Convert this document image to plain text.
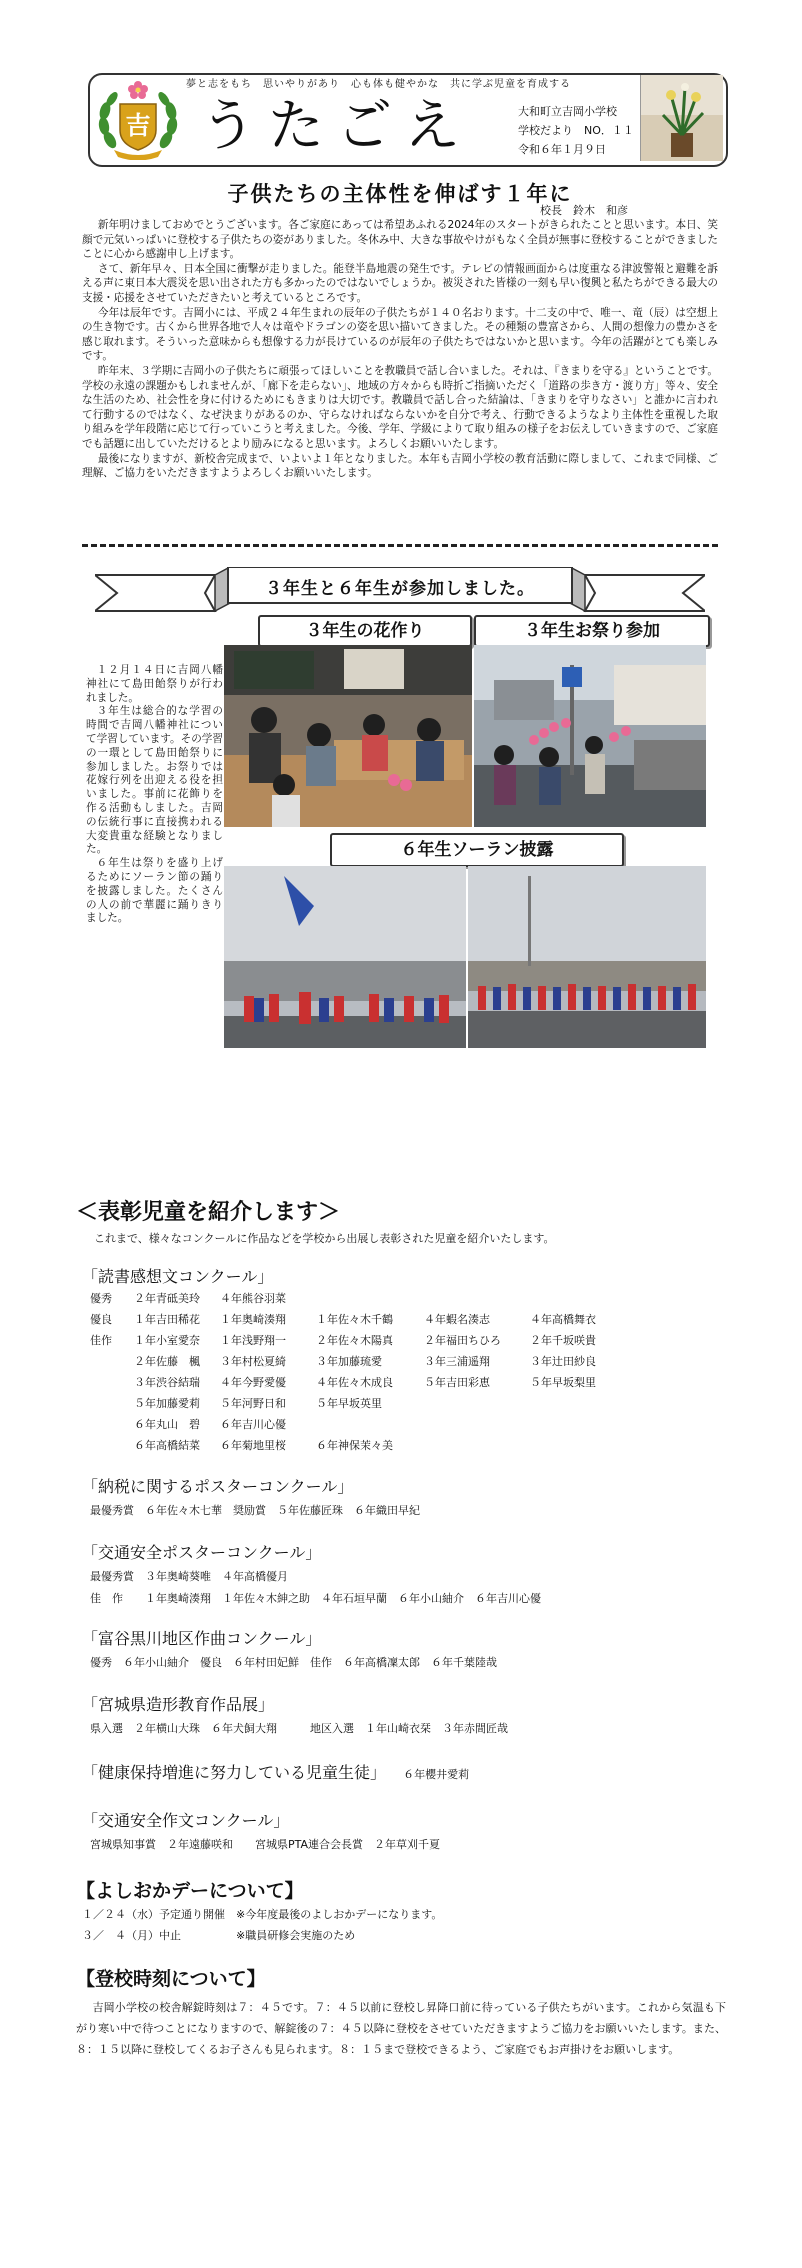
吉
夢と志をもち　思いやりがあり　心も体も健やかな　共に学ぶ児童を育成する
うたごえ	大和町立吉岡小学校
学校だより　NO．１１
令和６年１月９日
子供たちの主体性を伸ばす１年に
校長　鈴木　和彦

新年明けましておめでとうございます。各ご家庭にあっては希望あふれる2024年のスタートがきられたことと思います。本日、笑顔で元気いっぱいに登校する子供たちの姿がありました。冬休み中、大きな事故やけがもなく全員が無事に登校することができましたことに心から感謝申し上げます。

さて、新年早々、日本全国に衝撃が走りました。能登半島地震の発生です。テレビの情報画面からは度重なる津波警報と避難を訴える声に東日本大震災を思い出された方も多かったのではないでしょうか。被災された皆様の一刻も早い復興と私たちができる最大の支援・応援をさせていただきたいと考えているところです。

今年は辰年です。吉岡小には、平成２４年生まれの辰年の子供たちが１４０名おります。十二支の中で、唯一、竜（辰）は空想上の生き物です。古くから世界各地で人々は竜やドラゴンの姿を思い描いてきました。その種類の豊富さから、人間の想像力の豊かさを感じ取れます。そういった意味からも想像する力が長けているのが辰年の子供たちではないかと思います。今年の活躍がとても楽しみです。

昨年末、３学期に吉岡小の子供たちに頑張ってほしいことを教職員で話し合いました。それは、『きまりを守る』ということです。学校の永遠の課題かもしれませんが、「廊下を走らない」、地域の方々からも時折ご指摘いただく「道路の歩き方・渡り方」等々、安全な生活のため、社会性を身に付けるためにもきまりは大切です。教職員で話し合った結論は、「きまりを守りなさい」と誰かに言われて行動するのではなく、なぜ決まりがあるのか、守らなければならないかを自分で考え、行動できるようなより主体性を重視した取り組みを学年段階に応じて行っていこうと考えました。今後、学年、学級によりて取り組みの様子をお伝えしていきますので、ご家庭でも話題に出していただけるとより励みになると思います。よろしくお願いいたします。

最後になりますが、新校舎完成まで、いよいよ１年となりました。本年も吉岡小学校の教育活動に際しまして、これまで同様、ご理解、ご協力をいただきますようよろしくお願いいたします。

３年生と６年生が参加しました。
３年生の花作り	３年生お祭り参加

１２月１４日に吉岡八幡神社にて島田飴祭りが行われました。

３年生は総合的な学習の時間で吉岡八幡神社について学習しています。その学習の一環として島田飴祭りに参加しました。お祭りでは花嫁行列を出迎える役を担いました。事前に花飾りを作る活動もしました。吉岡の伝統行事に直接携われる大変貴重な経験となりました。

６年生は祭りを盛り上げるためにソーラン節の踊りを披露しました。たくさんの人の前で華麗に踊りきりました。

６年生ソーラン披露
＜表彰児童を紹介します＞
これまで、様々なコンクールに作品などを学校から出展し表彰された児童を紹介いたします。
「読書感想文コンクール」
優秀 ２年青砥美玲 ４年熊谷羽菜
優良 １年吉田稀花 １年奥崎湊翔	１年佐々木千鶴	４年蝦名湊志	４年高橋舞衣
佳作 １年小室愛奈 １年浅野翔一	２年佐々木陽真	２年福田ちひろ	２年千坂咲貴
２年佐藤　楓 ３年村松夏綺	３年加藤琉愛	３年三浦遥翔	３年辻田紗良
３年渋谷結瑞 ４年今野愛優	４年佐々木成良	５年吉田彩恵	５年早坂梨里
５年加藤愛莉 ５年河野日和	５年早坂英里
６年丸山　碧 ６年吉川心優
６年高橋結菜 ６年菊地里桜	６年神保茉々美
「納税に関するポスターコンクール」
最優秀賞　６年佐々木七華　奨励賞　５年佐藤匠珠　６年織田早紀
「交通安全ポスターコンクール」
最優秀賞　３年奥崎葵唯　４年高橋優月
佳　作　　１年奥崎湊翔　１年佐々木紳之助　４年石垣早蘭　６年小山紬介　６年吉川心優
「富谷黒川地区作曲コンクール」
優秀　６年小山紬介　優良　６年村田妃鮮　佳作　６年高橋凜太郎　６年千葉陸哉
「宮城県造形教育作品展」
県入選　２年横山大珠　６年犬飼大翔　　　地区入選　１年山崎衣栞　３年赤間匠哉
「健康保持増進に努力している児童生徒」 ６年櫻井愛莉
「交通安全作文コンクール」
宮城県知事賞　２年遠藤咲和　　宮城県PTA連合会長賞　２年草刈千夏
【よしおかデーについて】
１／２４（水）予定通り開催　※今年度最後のよしおかデーになります。
３／　４（月）中止　　　　　※職員研修会実施のため
【登校時刻について】

吉岡小学校の校舎解錠時刻は７：４５です。７：４５以前に登校し昇降口前に待っている子供たちがいます。これから気温も下がり寒い中で待つことになりますので、解錠後の７：４５以降に登校をさせていただきますようご協力をお願いいたします。また、８：１５以降に登校してくるお子さんも見られます。８：１５まで登校できるよう、ご家庭でもお声掛けをお願いします。
